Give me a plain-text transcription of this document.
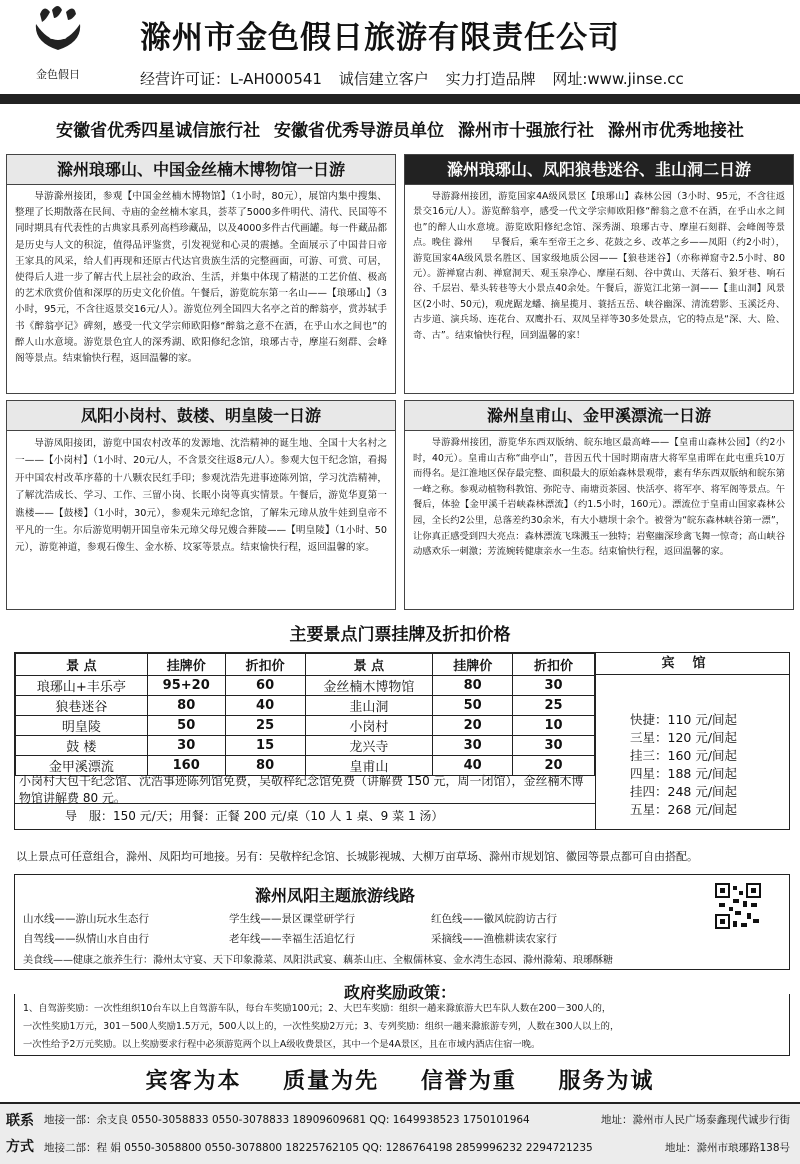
金色假日
滁州市金色假日旅游有限责任公司
经营许可证：L-AH000541 诚信建立客户 实力打造品牌 网址:www.jinse.cc
安徽省优秀四星诚信旅行社 安徽省优秀导游员单位 滁州市十强旅行社 滁州市优秀地接社
滁州琅琊山、中国金丝楠木博物馆一日游
导游滁州接团，参观【中国金丝楠木博物馆】（1小时，80元），展馆内集中搜集、整理了长期散落在民间、寺庙的金丝楠木家具，荟萃了5000多件明代、清代、民国等不同时期具有代表性的古典家具系列高档珍藏品，以及4000多件古代画罐。每一件藏品都是历史与人文的积淀，值得品评鉴赏，引发视觉和心灵的震撼。全面展示了中国昔日帝王家具的风采，给人们再现和还原古代达官贵族生活的完整画面，可游、可赏、可居，使得后人进一步了解古代上层社会的政治、生活，并集中体现了精湛的工艺价值、极高的艺术欣赏价值和深厚的历史文化价值。午餐后，游览皖东第一名山——【琅琊山】（3小时，95元，不含往返景交16元/人）。游览位列全国四大名亭之首的醉翁亭，赏苏轼手书《醉翁亭记》碑刻，感受一代文学宗师欧阳修“醉翁之意不在酒，在乎山水之间也”的醉人山水意境。游览景色宜人的深秀湖、欧阳修纪念馆，琅琊古寺，摩崖石刻群、会峰阁等景点。结束愉快行程，返回温馨的家。
滁州琅琊山、凤阳狼巷迷谷、韭山洞二日游
导游滁州接团，游览国家4A级风景区【琅琊山】森林公园（3小时、95元，不含往返景交16元/人）。游览醉翁亭，感受一代文学宗师欧阳修“醉翁之意不在酒，在乎山水之间也”的醉人山水意境。游览欧阳修纪念馆、深秀湖、琅琊古寺、摩崖石刻群、会峰阁等景点。晚住 滁州　　早餐后，乘车至帝王之乡、花鼓之乡、改革之乡——凤阳（约2小时），游览国家4A级风景名胜区、国家级地质公园——【狼巷迷谷】（亦称禅窟寺2.5小时、80元）。游禅窟古刹、禅窟洞天、观玉泉净心、摩崖石刻、谷中黄山、天落石、狼牙巷、响石谷、千层岩、晕头转巷等大小景点40余处。午餐后，游览江北第一洞——【韭山洞】风景区(2小时、50元)，观虎踞龙蟠、摘星揽月、蓑括五岳、峡谷幽深、清流碧影、玉溪泛舟、古步道、演兵场、连花台、双鹰扑石、双凤呈祥等30多处景点，它的特点是“深、大、险、奇、古”。结束愉快行程，回到温馨的家！
凤阳小岗村、鼓楼、明皇陵一日游
导游凤阳接团，游览中国农村改革的发源地、沈浩精神的诞生地、全国十大名村之一——【小岗村】（1小时、20元/人，不含景交往返8元/人）。参观大包干纪念馆，看揭开中国农村改革序幕的十八颗农民红手印；参观沈浩先进事迹陈列馆，学习沈浩精神，了解沈浩成长、学习、工作、三留小岗、长眠小岗等真实情景。午餐后，游览华夏第一谯楼——【鼓楼】（1小时，30元），参观朱元璋纪念馆，了解朱元璋从放牛娃到皇帝不平凡的一生。尔后游览明朝开国皇帝朱元璋父母兄嫂合葬陵——【明皇陵】（1小时、50元），游览神道，参观石像生、金水桥、坟冢等景点。结束愉快行程，返回温馨的家。
滁州皇甫山、金甲溪漂流一日游
导游滁州接团，游览华东西双版纳、皖东地区最高峰——【皇甫山森林公园】（约2小时，40元）。皇甫山古称“曲亭山”，昔因五代十国时期南唐大将军皇甫晖在此屯重兵10万而得名。是江淮地区保存最完整、面积最大的原始森林景观带，素有华东西双版纳和皖东第一峰之称。参观动植物科教馆、弥陀寺、南塘贡茶园、快活亭、将军亭、将军阁等景点。午餐后，体验【金甲溪千岩峡森林漂流】（约1.5小时，160元）。漂流位于皇甫山国家森林公园，全长约2公里，总落差约30余米，有大小塘坝十余个。被誉为“皖东森林峡谷第一漂”，让你真正感受到四大亮点：森林漂流飞珠溅玉一独特；岩壑幽深珍禽飞舞一惊奇；高山峡谷动感欢乐一刺激；芳流婉转健康亲水一生态。结束愉快行程，返回温馨的家。
主要景点门票挂牌及折扣价格
景 点	挂牌价	折扣价	景 点	挂牌价	折扣价
琅琊山+丰乐亭	95+20	60	金丝楠木博物馆	80	30
狼巷迷谷	80	40	韭山洞	50	25
明皇陵	50	25	小岗村	20	10
鼓 楼	30	15	龙兴寺	30	30
金甲溪漂流	160	80	皇甫山	40	20
小岗村大包干纪念馆、沈浩事迹陈列馆免费，吴敬梓纪念馆免费（讲解费 150 元，周一闭馆），金丝楠木博物馆讲解费 80 元。
导　服：150 元/天；用餐：正餐 200 元/桌（10 人 1 桌、9 菜 1 汤）
宾馆
快捷：110 元/间起
三星：120 元/间起
挂三：160 元/间起
四星：188 元/间起
挂四：248 元/间起
五星：268 元/间起
以上景点可任意组合，滁州、凤阳均可地接。另有：吴敬梓纪念馆、长城影视城、大柳万亩草场、滁州市规划馆、徽园等景点都可自由搭配。
滁州凤阳主题旅游线路
山水线——游山玩水生态行	学生线——景区课堂研学行	红色线——徽风皖韵访古行
自驾线——纵情山水自由行	老年线——幸福生活追忆行	采摘线——渔樵耕读农家行
美食线——健康之旅养生行：滁州太守宴、天下印象滁菜、凤阳洪武宴、藕茶山庄、全椒儒林宴、金水湾生态园、滁州滁菊、琅琊酥糖
政府奖励政策：
1、自驾游奖励：一次性组织10台车以上自驾游车队，每台车奖励100元；2、大巴车奖励：组织一趟来滁旅游大巴车队人数在200－300人的，
一次性奖励1万元，301－500人奖励1.5万元，500人以上的，一次性奖励2万元；3、专列奖励：组织一趟来滁旅游专列，人数在300人以上的，
一次性给予2万元奖励。以上奖励要求行程中必须游览两个以上A级收费景区，其中一个是4A景区，且在市域内酒店住宿一晚。
宾客为本 质量为先 信誉为重 服务为诚
联系方式
地接一部：余支良 0550-3058833 0550-3078833 18909609681 QQ: 1649938523 1750101964	地址：滁州市人民广场泰鑫现代诚步行街
地接二部：程 娟 0550-3058800 0550-3078800 18225762105 QQ: 1286764198 2859996232 2294721235	地址：滁州市琅琊路138号
